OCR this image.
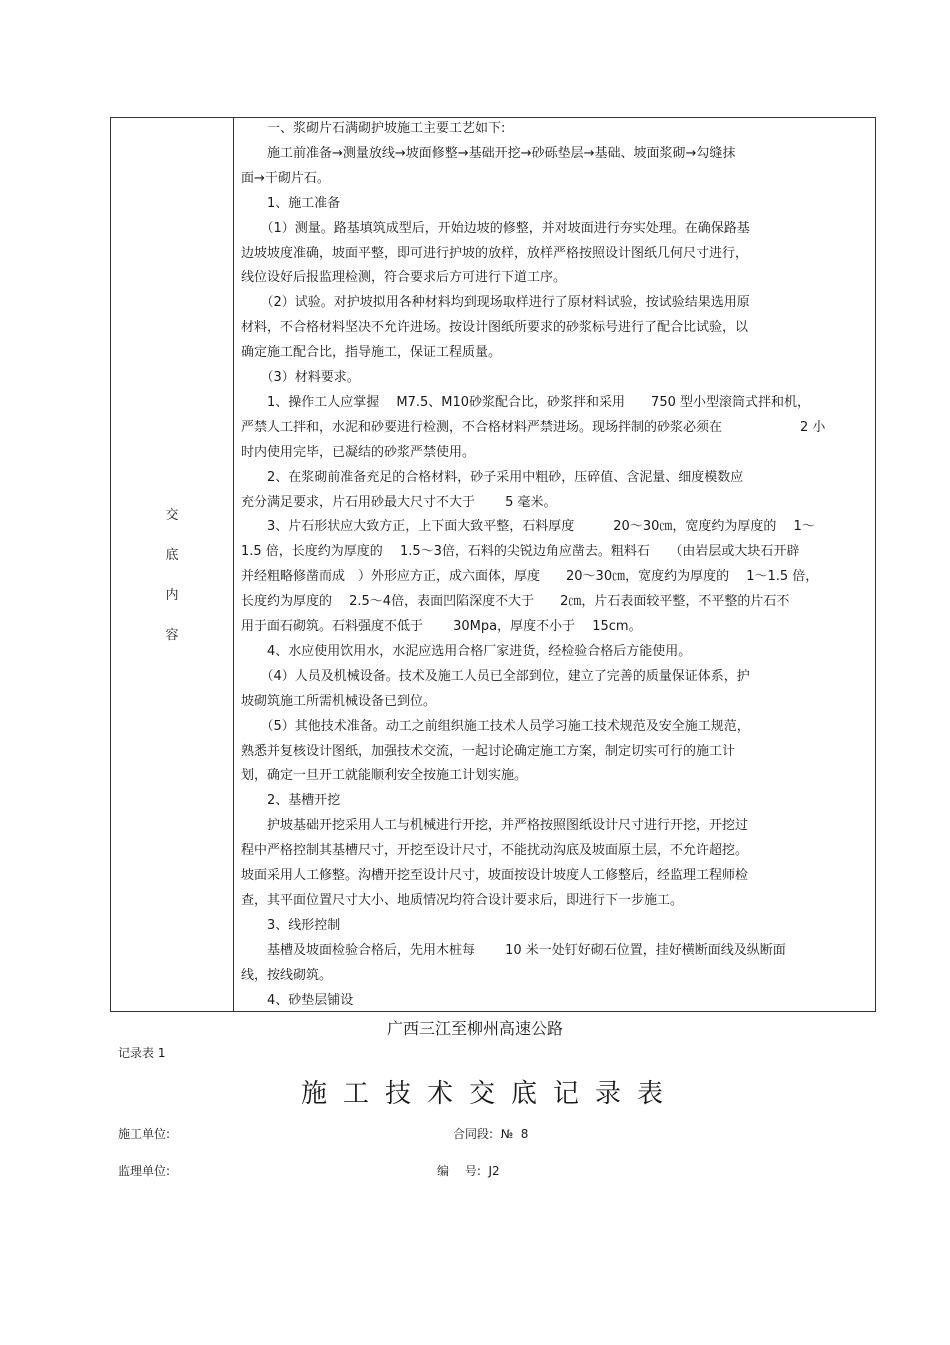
交
底
内
容
　　一、浆砌片石满砌护坡施工主要工艺如下:
　　施工前准备→测量放线→坡面修整→基础开挖→砂砾垫层→基础、坡面浆砌→勾缝抹
面→干砌片石。
　　1、施工准备
　　（1）测量。路基填筑成型后，开始边坡的修整，并对坡面进行夯实处理。在确保路基
边坡坡度准确，坡面平整，即可进行护坡的放样，放样严格按照设计图纸几何尺寸进行，
线位设好后报监理检测，符合要求后方可进行下道工序。
　　（2）试验。对护坡拟用各种材料均到现场取样进行了原材料试验，按试验结果选用原
材料，不合格材料坚决不允许进场。按设计图纸所要求的砂浆标号进行了配合比试验，以
确定施工配合比，指导施工，保证工程质量。
　　（3）材料要求。
　　1、操作工人应掌握　 M7.5、M10砂浆配合比，砂浆拌和采用　　750 型小型滚筒式拌和机，
严禁人工拌和，水泥和砂要进行检测，不合格材料严禁进场。现场拌制的砂浆必须在　　　　　　2 小
时内使用完毕，已凝结的砂浆严禁使用。
　　2、在浆砌前准备充足的合格材料，砂子采用中粗砂，压碎值、含泥量、细度模数应
充分满足要求，片石用砂最大尺寸不大于　　 5 毫米。
　　3、片石形状应大致方正，上下面大致平整，石料厚度　　　20～30㎝，宽度约为厚度的　 1～
1.5 倍，长度约为厚度的　 1.5～3倍，石料的尖锐边角应凿去。粗料石　　（由岩层或大块石开辟
并经粗略修凿而成　）外形应方正，成六面体，厚度　　20～30㎝，宽度约为厚度的　 1～1.5 倍，
长度约为厚度的　 2.5～4倍，表面凹陷深度不大于　　2㎝，片石表面较平整，不平整的片石不
用于面石砌筑。石料强度不低于　　 30Mpa，厚度不小于　 15cm。
　　4、水应使用饮用水，水泥应选用合格厂家进货，经检验合格后方能使用。
　　（4）人员及机械设备。技术及施工人员已全部到位，建立了完善的质量保证体系，护
坡砌筑施工所需机械设备已到位。
　　（5）其他技术准备。动工之前组织施工技术人员学习施工技术规范及安全施工规范，
熟悉并复核设计图纸，加强技术交流，一起讨论确定施工方案，制定切实可行的施工计
划，确定一旦开工就能顺利安全按施工计划实施。
　　2、基槽开挖
　　护坡基础开挖采用人工与机械进行开挖，并严格按照图纸设计尺寸进行开挖，开挖过
程中严格控制其基槽尺寸，开挖至设计尺寸，不能扰动沟底及坡面原土层，不允许超挖。
坡面采用人工修整。沟槽开挖至设计尺寸，坡面按设计坡度人工修整后，经监理工程师检
查，其平面位置尺寸大小、地质情况均符合设计要求后，即进行下一步施工。
　　3、线形控制
　　基槽及坡面检验合格后，先用木桩每　　 10 米一处钉好砌石位置，挂好横断面线及纵断面
线，按线砌筑。
　　4、砂垫层铺设
广西三江至柳州高速公路
记录表 1
施工技术交底记录表
施工单位:	合同段:  №  8
监理单位:	编　 号:  J2
